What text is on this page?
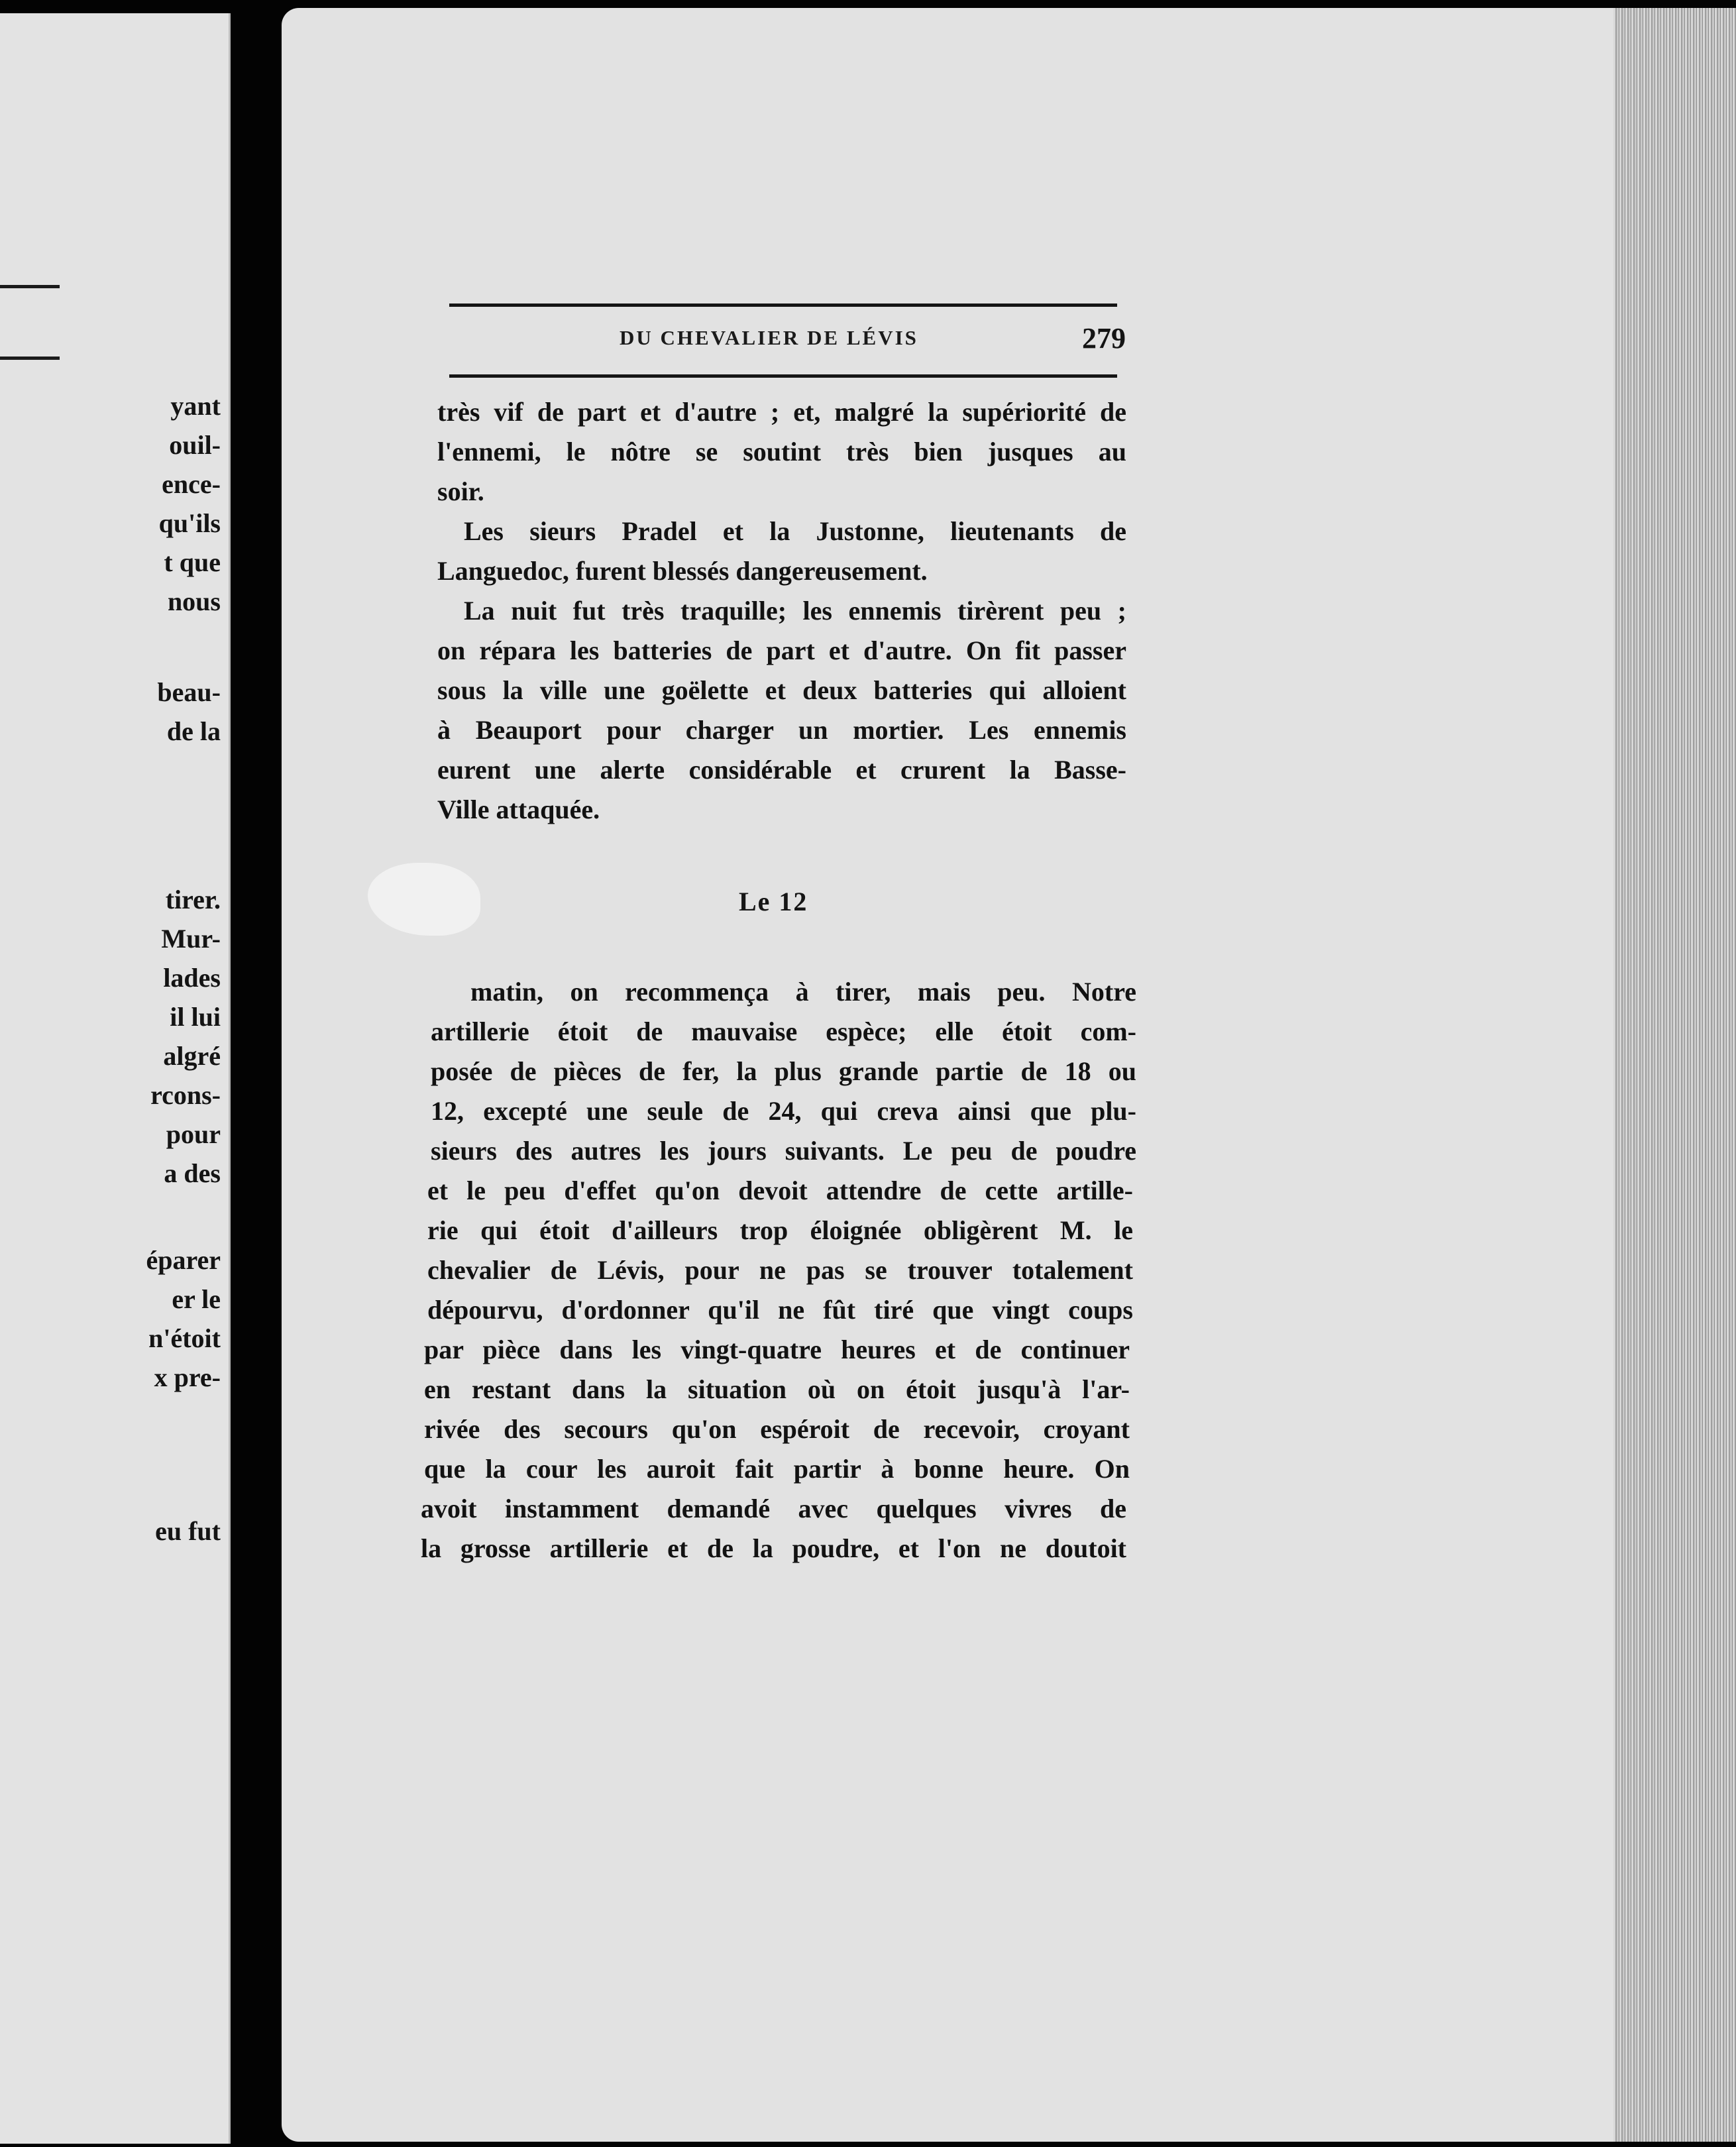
yant
ouil-
ence-
qu'ils
t que
nous
beau-
de la
tirer.
Mur-
lades
il lui
algré
rcons-
pour
a des
éparer
er le
n'étoit
x pre-
eu fut
DU CHEVALIER DE LÉVIS	279
très vif de part et d'autre ; et, malgré la supériorité de
l'ennemi, le nôtre se soutint très bien jusques au
soir.
Les sieurs Pradel et la Justonne, lieutenants de
Languedoc, furent blessés dangereusement.
La nuit fut très traquille; les ennemis tirèrent peu ;
on répara les batteries de part et d'autre. On fit passer
sous la ville une goëlette et deux batteries qui alloient
à Beauport pour charger un mortier. Les ennemis
eurent une alerte considérable et crurent la Basse-
Ville attaquée.
Le 12
matin, on recommença à tirer, mais peu. Notre
artillerie étoit de mauvaise espèce; elle étoit com-
posée de pièces de fer, la plus grande partie de 18 ou
12, excepté une seule de 24, qui creva ainsi que plu-
sieurs des autres les jours suivants. Le peu de poudre
et le peu d'effet qu'on devoit attendre de cette artille-
rie qui étoit d'ailleurs trop éloignée obligèrent M. le
chevalier de Lévis, pour ne pas se trouver totalement
dépourvu, d'ordonner qu'il ne fût tiré que vingt coups
par pièce dans les vingt-quatre heures et de continuer
en restant dans la situation où on étoit jusqu'à l'ar-
rivée des secours qu'on espéroit de recevoir, croyant
que la cour les auroit fait partir à bonne heure. On
avoit instamment demandé avec quelques vivres de
la grosse artillerie et de la poudre, et l'on ne doutoit
